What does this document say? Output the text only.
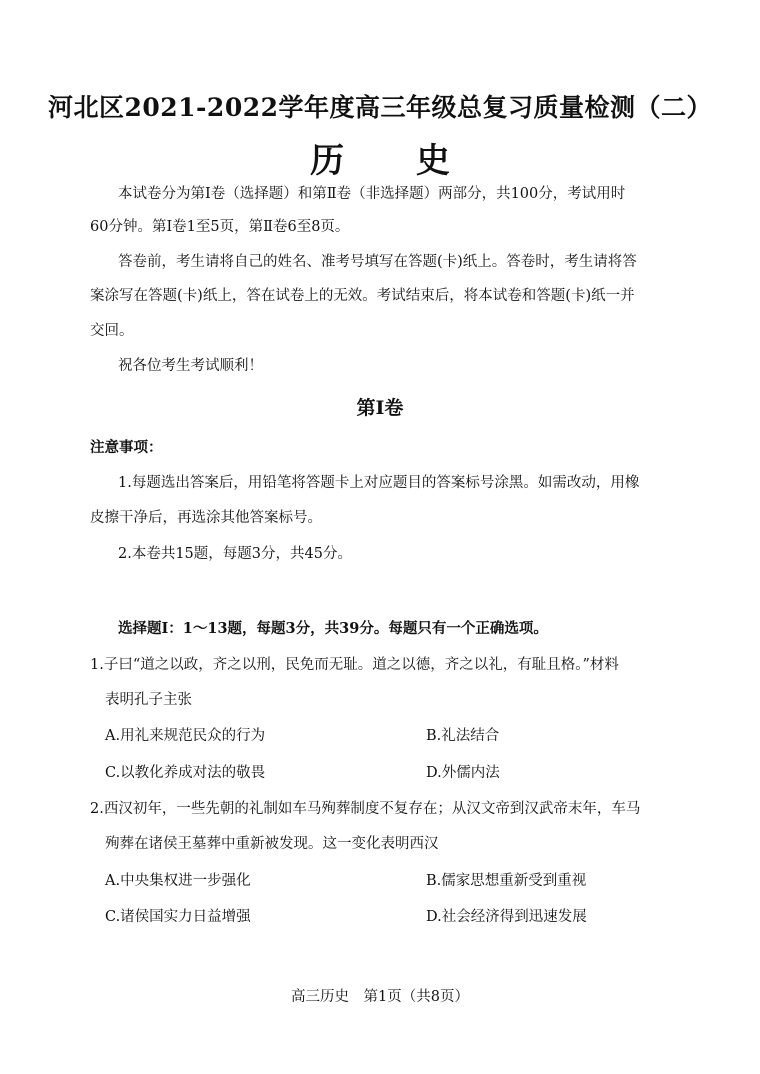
河北区2021-2022学年度高三年级总复习质量检测（二）
历 史
本试卷分为第Ⅰ卷（选择题）和第Ⅱ卷（非选择题）两部分，共100分，考试用时
60分钟。第Ⅰ卷1至5页，第Ⅱ卷6至8页。
答卷前，考生请将自己的姓名、准考号填写在答题(卡)纸上。答卷时，考生请将答
案涂写在答题(卡)纸上，答在试卷上的无效。考试结束后，将本试卷和答题(卡)纸一并
交回。
祝各位考生考试顺利！
第Ⅰ卷
注意事项：
1.每题选出答案后，用铅笔将答题卡上对应题目的答案标号涂黑。如需改动，用橡
皮擦干净后，再选涂其他答案标号。
2.本卷共15题，每题3分，共45分。
选择题Ⅰ：1～13题，每题3分，共39分。每题只有一个正确选项。
1.子曰“道之以政，齐之以刑，民免而无耻。道之以德，齐之以礼，有耻且格。”材料
表明孔子主张
A.用礼来规范民众的行为	B.礼法结合
C.以教化养成对法的敬畏	D.外儒内法
2.西汉初年，一些先朝的礼制如车马殉葬制度不复存在；从汉文帝到汉武帝末年，车马
殉葬在诸侯王墓葬中重新被发现。这一变化表明西汉
A.中央集权进一步强化	B.儒家思想重新受到重视
C.诸侯国实力日益增强	D.社会经济得到迅速发展
高三历史　第1页（共8页）
